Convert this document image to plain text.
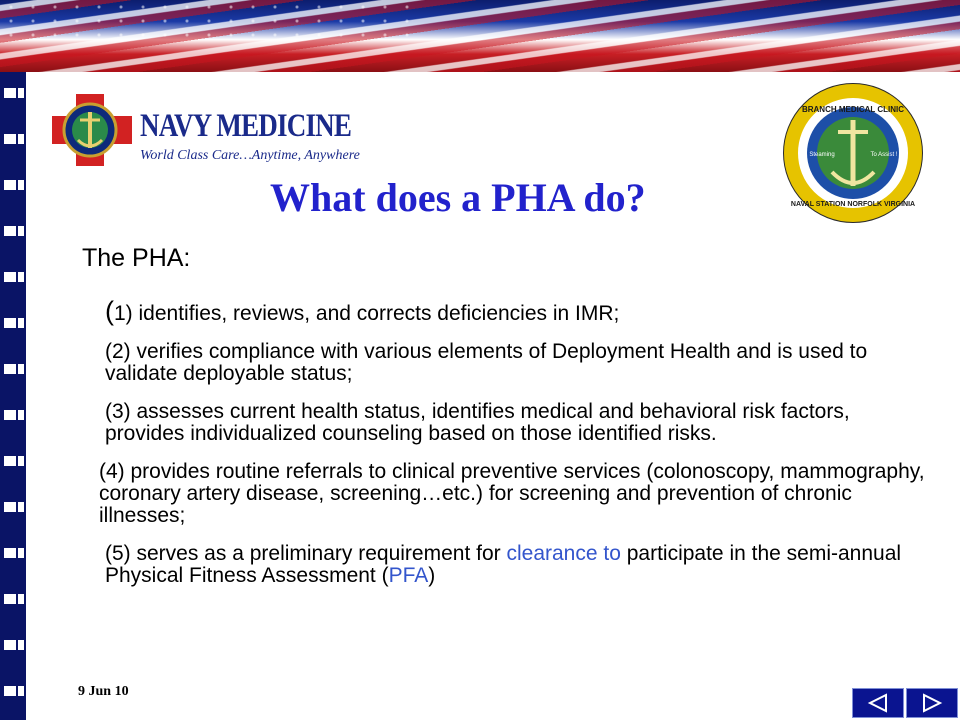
NAVY MEDICINE
World Class Care…Anytime, Anywhere
BRANCH MEDICAL CLINIC
NAVAL STATION NORFOLK VIRGINIA
Steaming	To Assist !
What does a PHA do?
The PHA:
(1) identifies, reviews, and corrects deficiencies in IMR;
(2) verifies compliance with various elements of Deployment Health and is used to validate deployable status;
(3) assesses current health status, identifies medical and behavioral risk factors, provides individualized counseling based on those identified risks.
(4) provides routine referrals to clinical preventive services (colonoscopy, mammography, coronary artery disease, screening…etc.) for screening and prevention of chronic illnesses;
(5) serves as a preliminary requirement for clearance to participate in the semi-annual Physical Fitness Assessment (PFA)
9 Jun 10
